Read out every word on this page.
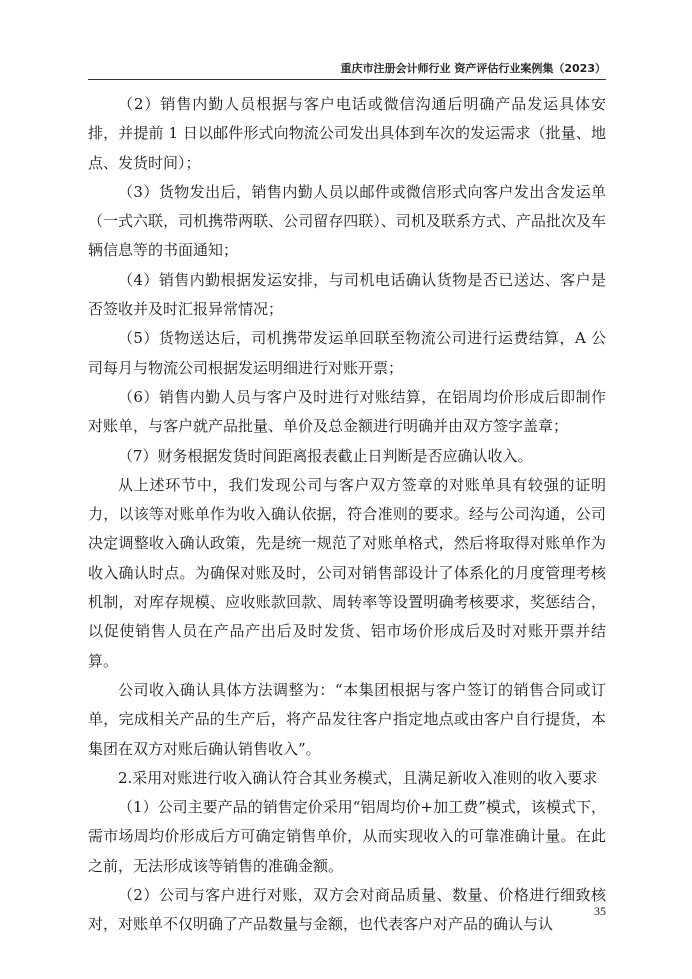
重庆市注册会计师行业 资产评估行业案例集（2023）

（2）销售内勤人员根据与客户电话或微信沟通后明确产品发运具体安排，并提前 1 日以邮件形式向物流公司发出具体到车次的发运需求（批量、地点、发货时间）；

（3）货物发出后，销售内勤人员以邮件或微信形式向客户发出含发运单（一式六联，司机携带两联、公司留存四联）、司机及联系方式、产品批次及车辆信息等的书面通知；

（4）销售内勤根据发运安排，与司机电话确认货物是否已送达、客户是否签收并及时汇报异常情况；

（5）货物送达后，司机携带发运单回联至物流公司进行运费结算，A 公司每月与物流公司根据发运明细进行对账开票；

（6）销售内勤人员与客户及时进行对账结算，在铝周均价形成后即制作对账单，与客户就产品批量、单价及总金额进行明确并由双方签字盖章；

（7）财务根据发货时间距离报表截止日判断是否应确认收入。

从上述环节中，我们发现公司与客户双方签章的对账单具有较强的证明力，以该等对账单作为收入确认依据，符合准则的要求。经与公司沟通，公司决定调整收入确认政策，先是统一规范了对账单格式，然后将取得对账单作为收入确认时点。为确保对账及时，公司对销售部设计了体系化的月度管理考核机制，对库存规模、应收账款回款、周转率等设置明确考核要求，奖惩结合，以促使销售人员在产品产出后及时发货、铝市场价形成后及时对账开票并结算。

公司收入确认具体方法调整为：“本集团根据与客户签订的销售合同或订单，完成相关产品的生产后，将产品发往客户指定地点或由客户自行提货，本集团在双方对账后确认销售收入”。

2.采用对账进行收入确认符合其业务模式，且满足新收入准则的收入要求

（1）公司主要产品的销售定价采用“铝周均价+加工费”模式，该模式下，需市场周均价形成后方可确定销售单价，从而实现收入的可靠准确计量。在此之前，无法形成该等销售的准确金额。

（2）公司与客户进行对账，双方会对商品质量、数量、价格进行细致核对，对账单不仅明确了产品数量与金额，也代表客户对产品的确认与认

35
